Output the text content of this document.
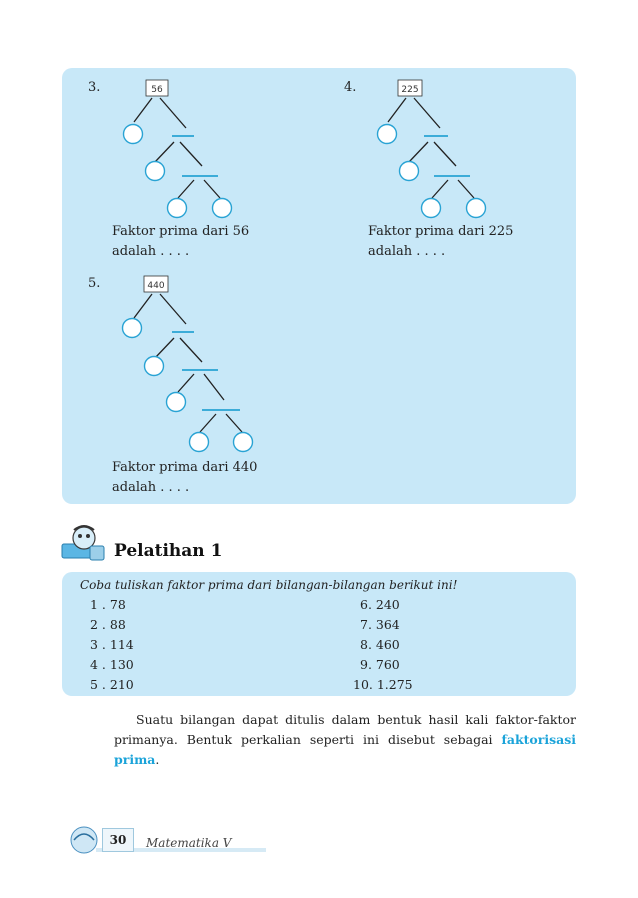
3.	56
Faktor prima dari 56
adalah . . . .
4.	225
Faktor prima dari 225
adalah . . . .
5.	440
Faktor prima dari 440
adalah . . . .
Pelatihan 1
Coba tuliskan faktor prima dari bilangan-bilangan berikut ini!
1 . 78
2 . 88
3 . 114
4 . 130
5 . 210
6. 240
7. 364
8. 460
9. 760
10. 1.275
Suatu bilangan dapat ditulis dalam bentuk hasil kali faktor-faktor primanya. Bentuk perkalian seperti ini disebut sebagai faktorisasi prima.
30	Matematika V
